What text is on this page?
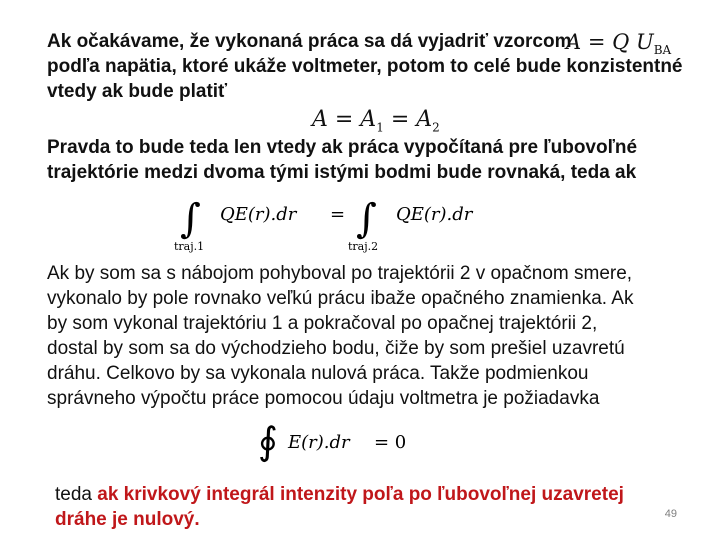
Ak očakávame, že vykonaná práca sa dá vyjadriť vzorcom

A = Q $U_{BA}$

podľa napätia, ktoré ukáže voltmeter, potom to celé bude konzistentné

vtedy ak bude platiť

$A = A_1 = A_2$

Pravda to bude teda len vtedy ak práca vypočítaná pre ľubovoľné

trajektórie medzi dvoma tými istými bodmi bude rovnaká, teda ak

∫ QE(r).dr
traj.1
= ∫ QE(r).dr
traj.2

Ak by som sa s nábojom pohyboval po trajektórii 2 v opačnom smere,

vykonalo by pole rovnako veľkú prácu ibaže opačného znamienka. Ak

by som vykonal trajektóriu 1 a pokračoval po opačnej trajektórii 2,

dostal by som sa do východzieho bodu, čiže by som prešiel uzavretú

dráhu. Celkovo by sa vykonala nulová práca. Takže podmienkou

správneho výpočtu práce pomocou údaju voltmetra je požiadavka

∮ E(r).dr = 0

teda ak krivkový integrál intenzity poľa po ľubovoľnej uzavretej

dráhe je nulový.	49
